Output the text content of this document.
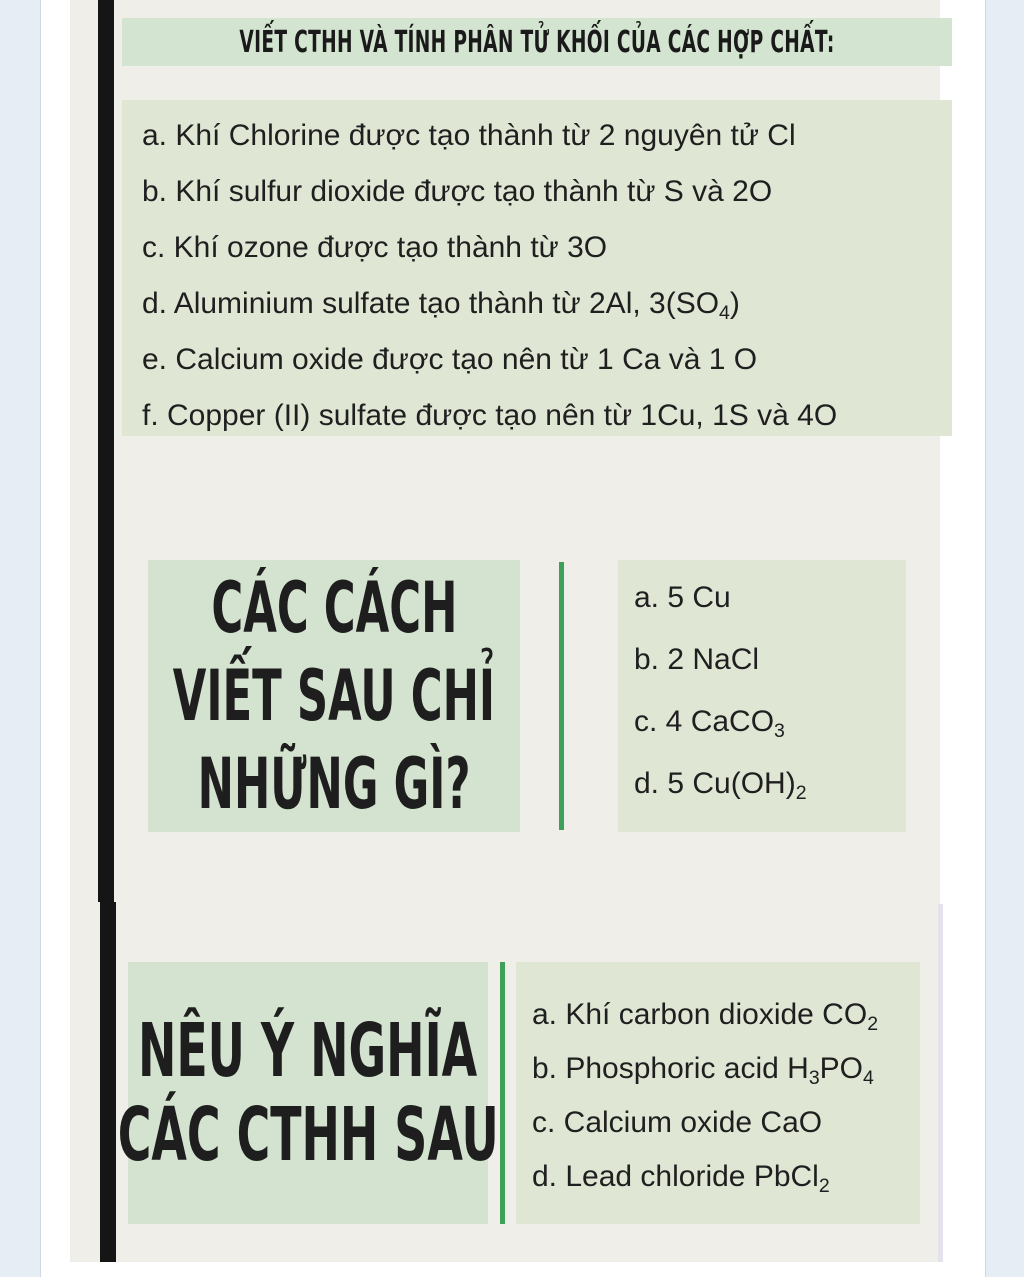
VIẾT CTHH VÀ TÍNH PHÂN TỬ KHỐI CỦA CÁC HỢP CHẤT:
a. Khí Chlorine được tạo thành từ 2 nguyên tử Cl
b. Khí sulfur dioxide được tạo thành từ S và 2O
c. Khí ozone được tạo thành từ 3O
d. Aluminium sulfate tạo thành từ 2Al, $3(SO_4)$
e. Calcium oxide được tạo nên từ 1 Ca và 1 O
f. Copper (II) sulfate được tạo nên từ 1Cu, 1S và 4O
CÁC CÁCH
VIẾT SAU CHỈ
NHỮNG GÌ?
a. 5 Cu
b. 2 NaCl
c. 4 CaCO$_3$
d. 5 $Cu(OH)_2$
NÊU Ý NGHĨA
CÁC CTHH SAU
a. Khí carbon dioxide $CO_2$
b. Phosphoric acid $H_3PO_4$
c. Calcium oxide CaO
d. Lead chloride PbCl$_2$
